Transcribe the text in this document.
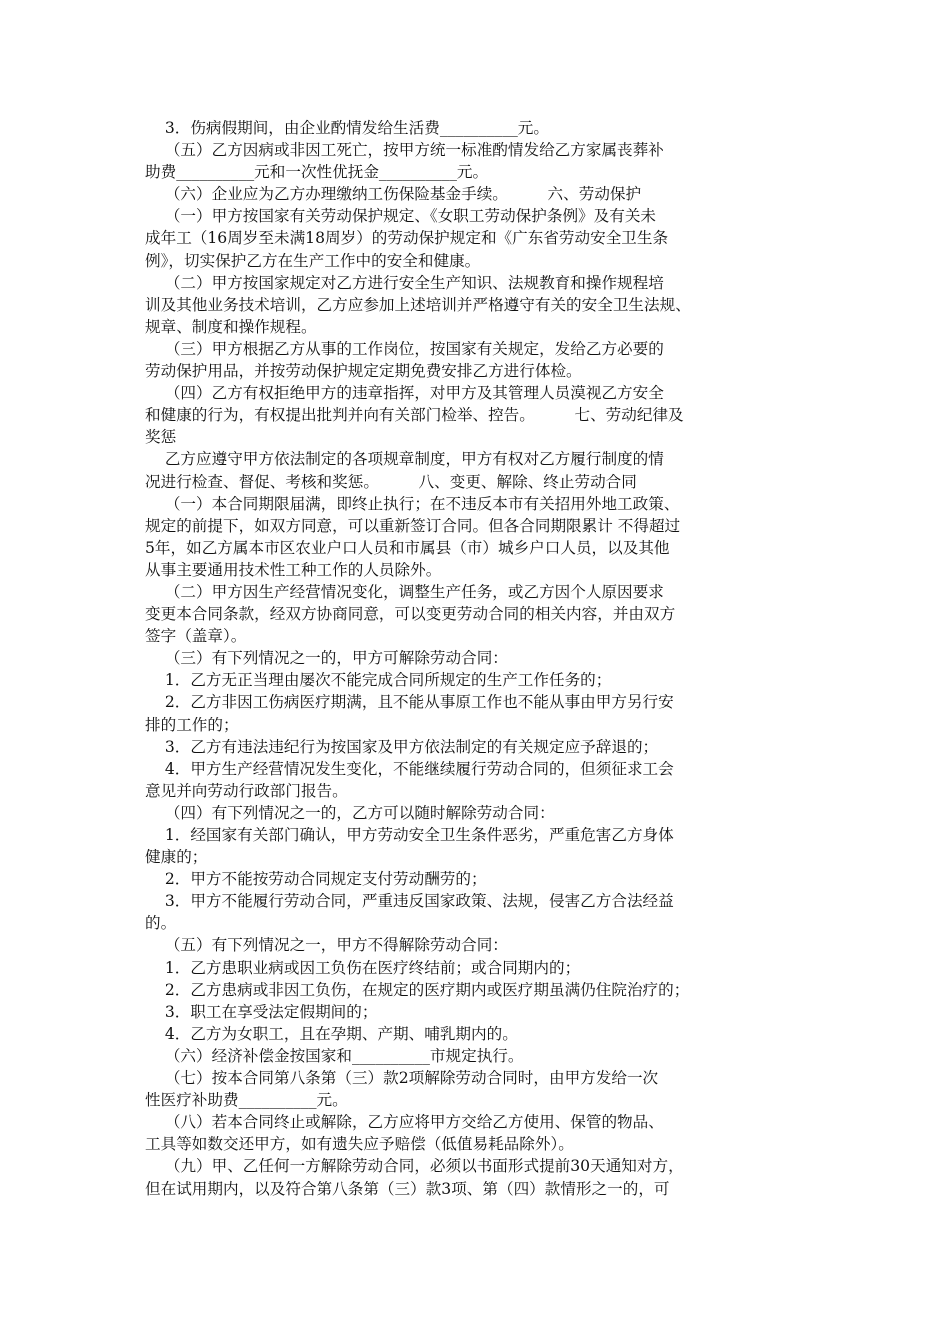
3．伤病假期间，由企业酌情发给生活费__________元。
（五）乙方因病或非因工死亡，按甲方统一标准酌情发给乙方家属丧葬补
助费__________元和一次性优抚金__________元。
（六）企业应为乙方办理缴纳工伤保险基金手续。        六、劳动保护
（一）甲方按国家有关劳动保护规定、《女职工劳动保护条例》及有关未
成年工（16周岁至未满18周岁）的劳动保护规定和《广东省劳动安全卫生条
例》，切实保护乙方在生产工作中的安全和健康。
（二）甲方按国家规定对乙方进行安全生产知识、法规教育和操作规程培
训及其他业务技术培训，乙方应参加上述培训并严格遵守有关的安全卫生法规、
规章、制度和操作规程。
（三）甲方根据乙方从事的工作岗位，按国家有关规定，发给乙方必要的
劳动保护用品，并按劳动保护规定定期免费安排乙方进行体检。
（四）乙方有权拒绝甲方的违章指挥，对甲方及其管理人员漠视乙方安全
和健康的行为，有权提出批判并向有关部门检举、控告。        七、劳动纪律及
奖惩
乙方应遵守甲方依法制定的各项规章制度，甲方有权对乙方履行制度的情
况进行检查、督促、考核和奖惩。        八、变更、解除、终止劳动合同
（一）本合同期限届满，即终止执行；在不违反本市有关招用外地工政策、
规定的前提下，如双方同意，可以重新签订合同。但各合同期限累计 不得超过
5年，如乙方属本市区农业户口人员和市属县（市）城乡户口人员，以及其他
从事主要通用技术性工种工作的人员除外。
（二）甲方因生产经营情况变化，调整生产任务，或乙方因个人原因要求
变更本合同条款，经双方协商同意，可以变更劳动合同的相关内容，并由双方
签字（盖章）。
（三）有下列情况之一的，甲方可解除劳动合同：
1．乙方无正当理由屡次不能完成合同所规定的生产工作任务的；
2．乙方非因工伤病医疗期满，且不能从事原工作也不能从事由甲方另行安
排的工作的；
3．乙方有违法违纪行为按国家及甲方依法制定的有关规定应予辞退的；
4．甲方生产经营情况发生变化，不能继续履行劳动合同的，但须征求工会
意见并向劳动行政部门报告。
（四）有下列情况之一的，乙方可以随时解除劳动合同：
1．经国家有关部门确认，甲方劳动安全卫生条件恶劣，严重危害乙方身体
健康的；
2．甲方不能按劳动合同规定支付劳动酬劳的；
3．甲方不能履行劳动合同，严重违反国家政策、法规，侵害乙方合法经益
的。
（五）有下列情况之一，甲方不得解除劳动合同：
1．乙方患职业病或因工负伤在医疗终结前；或合同期内的；
2．乙方患病或非因工负伤，在规定的医疗期内或医疗期虽满仍住院治疗的；
3．职工在享受法定假期间的；
4．乙方为女职工，且在孕期、产期、哺乳期内的。
（六）经济补偿金按国家和__________市规定执行。
（七）按本合同第八条第（三）款2项解除劳动合同时，由甲方发给一次
性医疗补助费__________元。
（八）若本合同终止或解除，乙方应将甲方交给乙方使用、保管的物品、
工具等如数交还甲方，如有遗失应予赔偿（低值易耗品除外）。
（九）甲、乙任何一方解除劳动合同，必须以书面形式提前30天通知对方，
但在试用期内，以及符合第八条第（三）款3项、第（四）款情形之一的，可
